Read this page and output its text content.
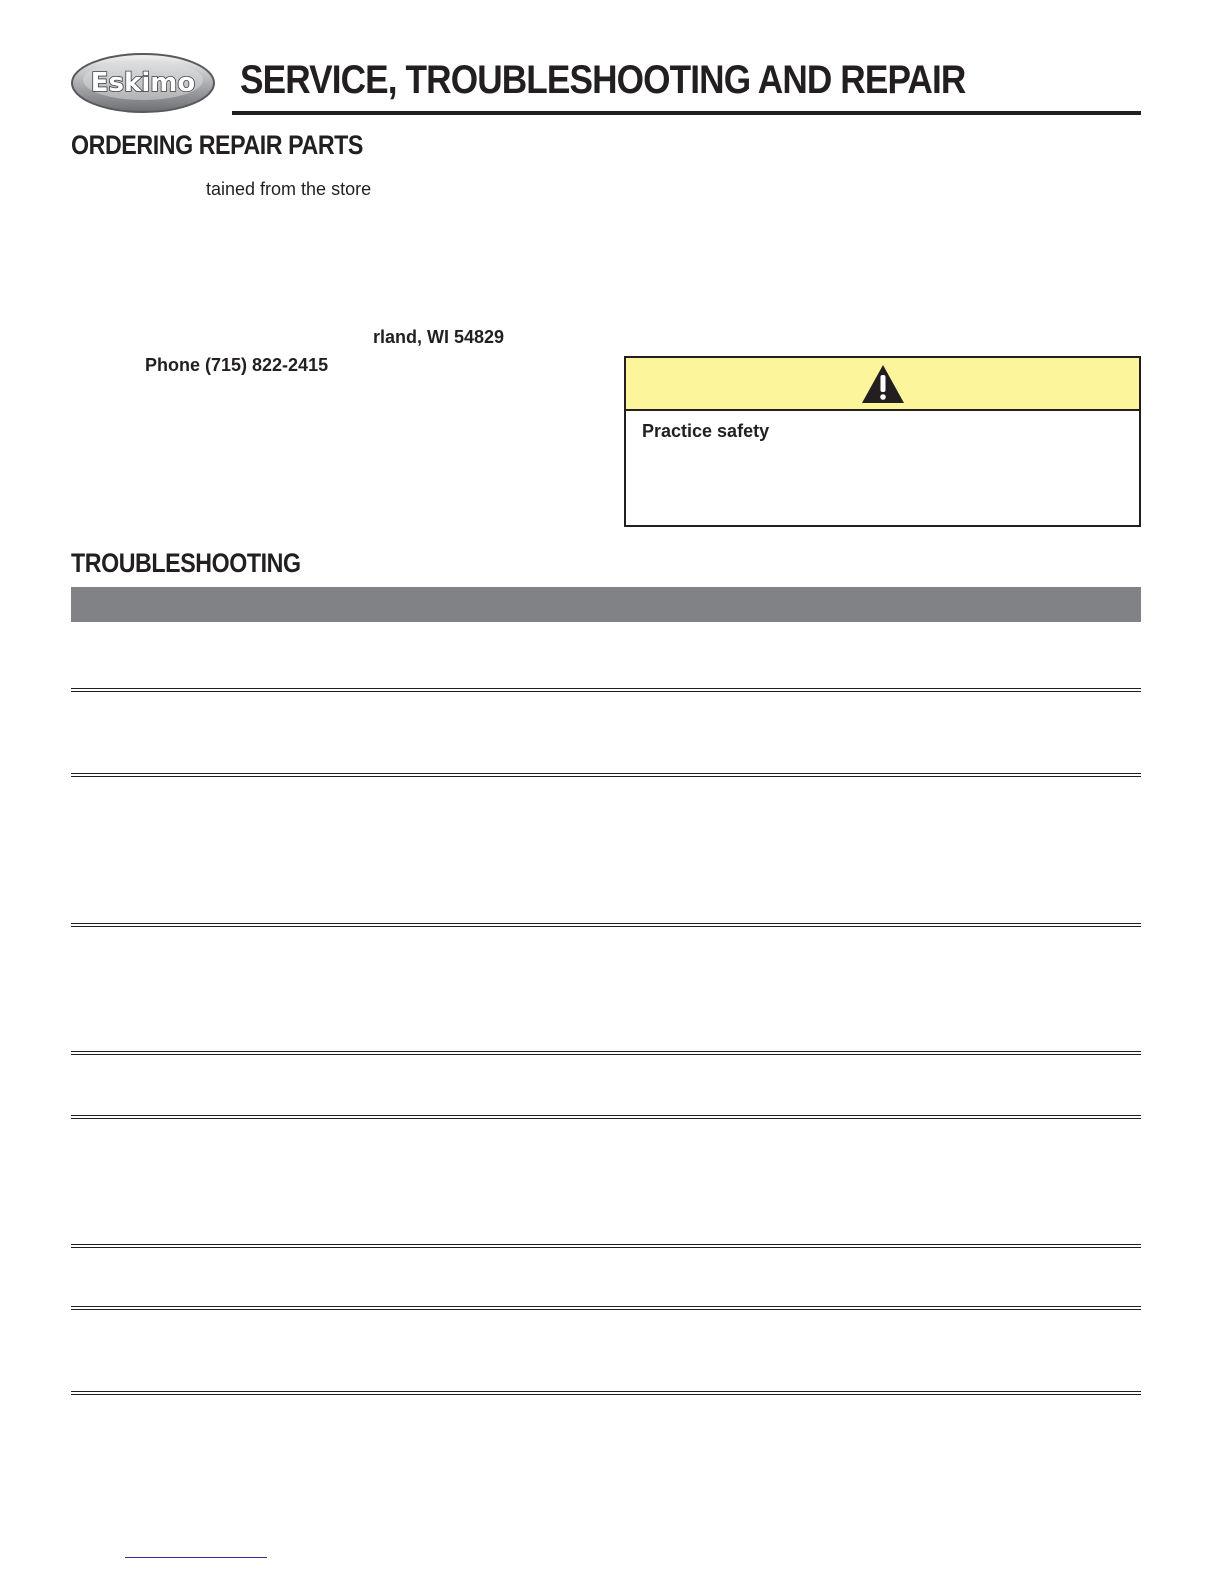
Eskimo SERVICE, TROUBLESHOOTING AND REPAIR
ORDERING REPAIR PARTS
tained from the store
rland, WI 54829
Phone (715) 822-2415
Practice safety
TROUBLESHOOTING
